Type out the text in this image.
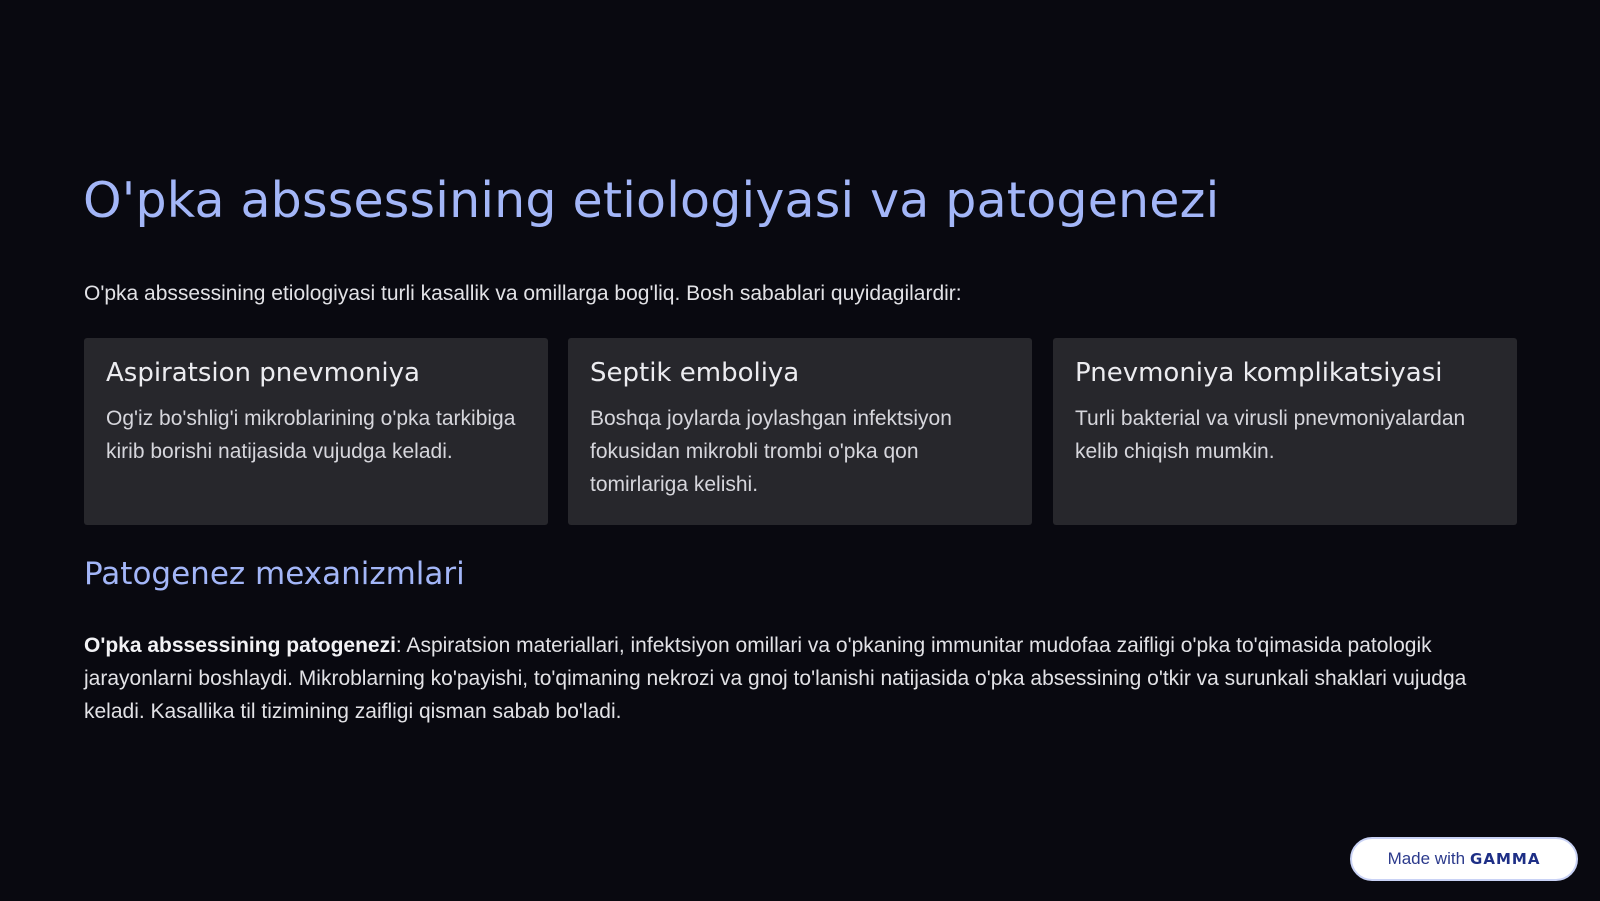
O'pka abssessining etiologiyasi va patogenezi

O'pka abssessining etiologiyasi turli kasallik va omillarga bog'liq. Bosh sabablari quyidagilardir:

Aspiratsion pnevmoniya
Og'iz bo'shlig'i mikroblarining o'pka tarkibiga kirib borishi natijasida vujudga keladi.
Septik emboliya
Boshqa joylarda joylashgan infektsiyon fokusidan mikrobli trombi o'pka qon tomirlariga kelishi.
Pnevmoniya komplikatsiyasi
Turli bakterial va virusli pnevmoniyalardan kelib chiqish mumkin.
Patogenez mexanizmlari

O'pka abssessining patogenezi: Aspiratsion materiallari, infektsiyon omillari va o'pkaning immunitar mudofaa zaifligi o'pka to'qimasida patologik jarayonlarni boshlaydi. Mikroblarning ko'payishi, to'qimaning nekrozi va gnoj to'lanishi natijasida o'pka absessining o'tkir va surunkali shaklari vujudga keladi. Kasallika til tizimining zaifligi qisman sabab bo'ladi.

Made with GAMMA
